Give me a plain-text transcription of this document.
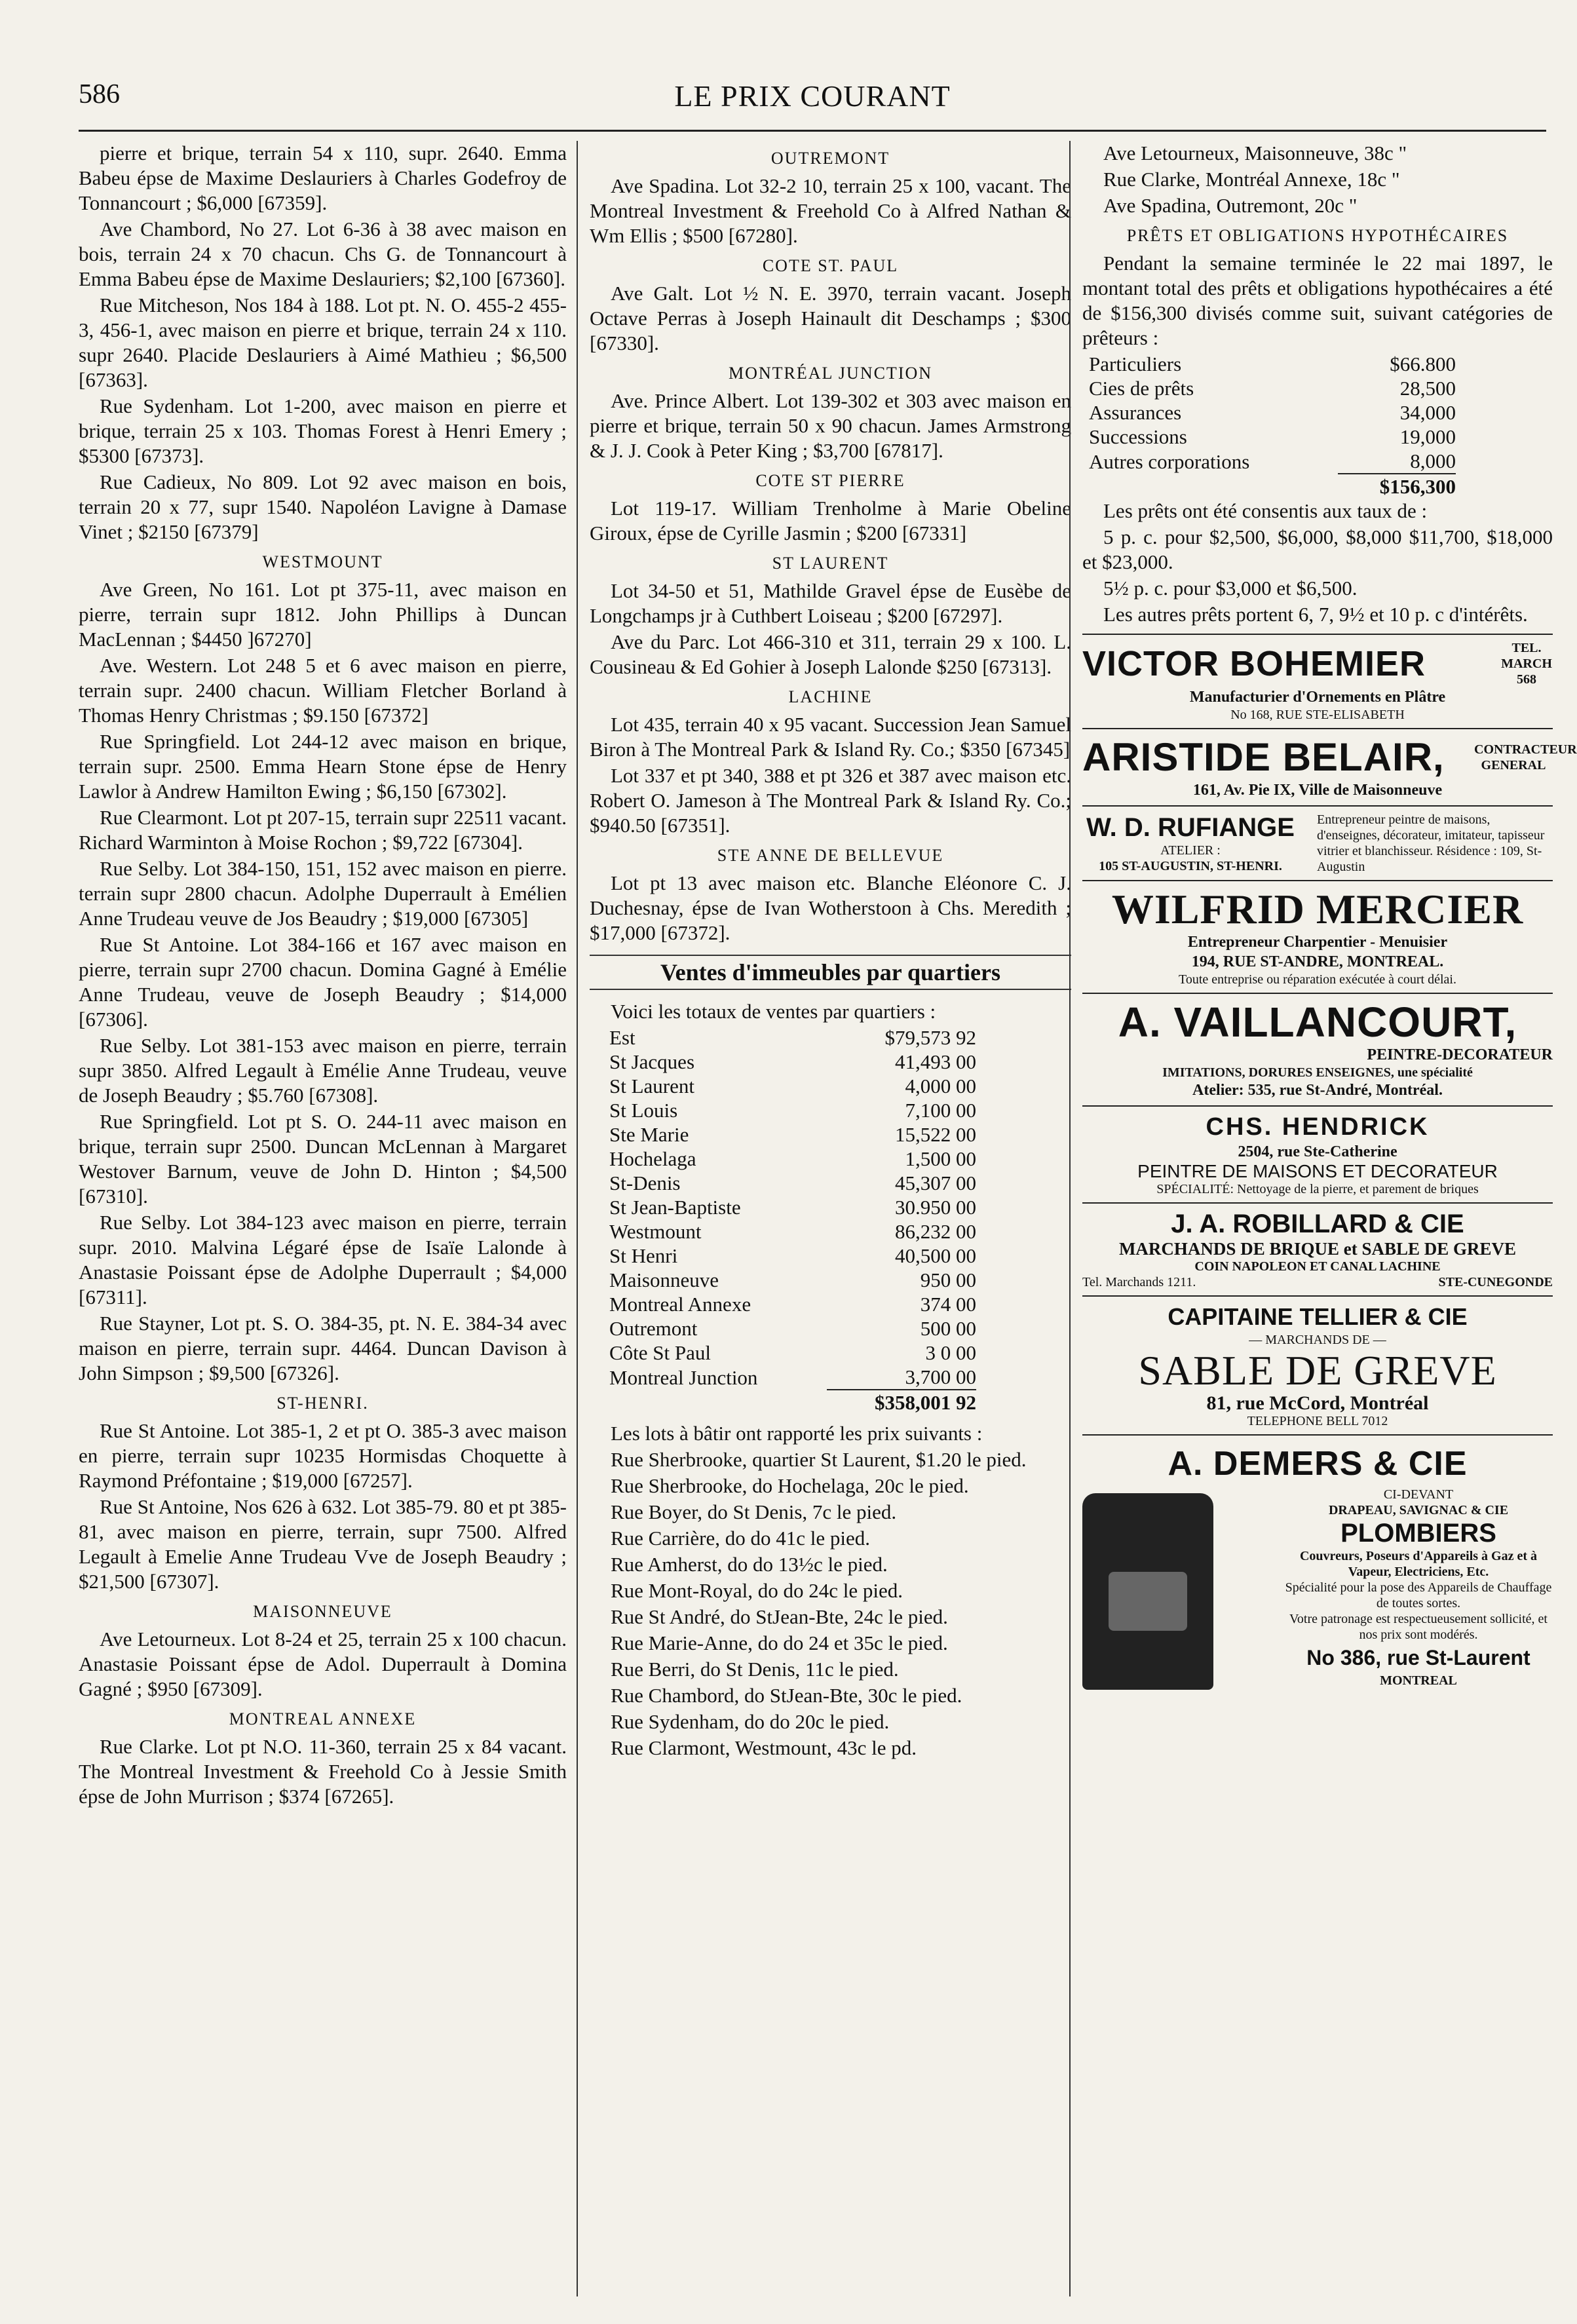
586	LE PRIX COURANT

pierre et brique, terrain 54 x 110, supr. 2640. Emma Babeu épse de Maxime Deslauriers à Charles Godefroy de Tonnancourt ; $6,000 [67359].

Ave Chambord, No 27. Lot 6-36 à 38 avec maison en bois, terrain 24 x 70 chacun. Chs G. de Tonnancourt à Emma Babeu épse de Maxime Deslauriers; $2,100 [67360].

Rue Mitcheson, Nos 184 à 188. Lot pt. N. O. 455-2 455-3, 456-1, avec maison en pierre et brique, terrain 24 x 110. supr 2640. Placide Deslauriers à Aimé Mathieu ; $6,500 [67363].

Rue Sydenham. Lot 1-200, avec maison en pierre et brique, terrain 25 x 103. Thomas Forest à Henri Emery ; $5300 [67373].

Rue Cadieux, No 809. Lot 92 avec maison en bois, terrain 20 x 77, supr 1540. Napoléon Lavigne à Damase Vinet ; $2150 [67379]

WESTMOUNT

Ave Green, No 161. Lot pt 375-11, avec maison en pierre, terrain supr 1812. John Phillips à Duncan MacLennan ; $4450 ]67270]

Ave. Western. Lot 248 5 et 6 avec maison en pierre, terrain supr. 2400 chacun. William Fletcher Borland à Thomas Henry Christmas ; $9.150 [67372]

Rue Springfield. Lot 244-12 avec maison en brique, terrain supr. 2500. Emma Hearn Stone épse de Henry Lawlor à Andrew Hamilton Ewing ; $6,150 [67302].

Rue Clearmont. Lot pt 207-15, terrain supr 22511 vacant. Richard Warminton à Moise Rochon ; $9,722 [67304].

Rue Selby. Lot 384-150, 151, 152 avec maison en pierre. terrain supr 2800 chacun. Adolphe Duperrault à Emélien Anne Trudeau veuve de Jos Beaudry ; $19,000 [67305]

Rue St Antoine. Lot 384-166 et 167 avec maison en pierre, terrain supr 2700 chacun. Domina Gagné à Emélie Anne Trudeau, veuve de Joseph Beaudry ; $14,000 [67306].

Rue Selby. Lot 381-153 avec maison en pierre, terrain supr 3850. Alfred Legault à Emélie Anne Trudeau, veuve de Joseph Beaudry ; $5.760 [67308].

Rue Springfield. Lot pt S. O. 244-11 avec maison en brique, terrain supr 2500. Duncan McLennan à Margaret Westover Barnum, veuve de John D. Hinton ; $4,500 [67310].

Rue Selby. Lot 384-123 avec maison en pierre, terrain supr. 2010. Malvina Légaré épse de Isaïe Lalonde à Anastasie Poissant épse de Adolphe Duperrault ; $4,000 [67311].

Rue Stayner, Lot pt. S. O. 384-35, pt. N. E. 384-34 avec maison en pierre, terrain supr. 4464. Duncan Davison à John Simpson ; $9,500 [67326].

ST-HENRI.

Rue St Antoine. Lot 385-1, 2 et pt O. 385-3 avec maison en pierre, terrain supr 10235 Hormisdas Choquette à Raymond Préfontaine ; $19,000 [67257].

Rue St Antoine, Nos 626 à 632. Lot 385-79. 80 et pt 385-81, avec maison en pierre, terrain, supr 7500. Alfred Legault à Emelie Anne Trudeau Vve de Joseph Beaudry ; $21,500 [67307].

MAISONNEUVE

Ave Letourneux. Lot 8-24 et 25, terrain 25 x 100 chacun. Anastasie Poissant épse de Adol. Duperrault à Domina Gagné ; $950 [67309].

MONTREAL ANNEXE

Rue Clarke. Lot pt N.O. 11-360, terrain 25 x 84 vacant. The Montreal Investment & Freehold Co à Jessie Smith épse de John Murrison ; $374 [67265].

OUTREMONT

Ave Spadina. Lot 32-2 10, terrain 25 x 100, vacant. The Montreal Investment & Freehold Co à Alfred Nathan & Wm Ellis ; $500 [67280].

COTE ST. PAUL

Ave Galt. Lot ½ N. E. 3970, terrain vacant. Joseph Octave Perras à Joseph Hainault dit Deschamps ; $300 [67330].

MONTRÉAL JUNCTION

Ave. Prince Albert. Lot 139-302 et 303 avec maison en pierre et brique, terrain 50 x 90 chacun. James Armstrong & J. J. Cook à Peter King ; $3,700 [67817].

COTE ST PIERRE

Lot 119-17. William Trenholme à Marie Obeline Giroux, épse de Cyrille Jasmin ; $200 [67331]

ST LAURENT

Lot 34-50 et 51, Mathilde Gravel épse de Eusèbe de Longchamps jr à Cuthbert Loiseau ; $200 [67297].

Ave du Parc. Lot 466-310 et 311, terrain 29 x 100. L. Cousineau & Ed Gohier à Joseph Lalonde $250 [67313].

LACHINE

Lot 435, terrain 40 x 95 vacant. Succession Jean Samuel Biron à The Montreal Park & Island Ry. Co.; $350 [67345]

Lot 337 et pt 340, 388 et pt 326 et 387 avec maison etc. Robert O. Jameson à The Montreal Park & Island Ry. Co.; $940.50 [67351].

STE ANNE DE BELLEVUE

Lot pt 13 avec maison etc. Blanche Eléonore C. J. Duchesnay, épse de Ivan Wotherstoon à Chs. Meredith ; $17,000 [67372].

Ventes d'immeubles par quartiers

Voici les totaux de ventes par quartiers :

Est	$79,573 92
St Jacques	41,493 00
St Laurent	4,000 00
St Louis	7,100 00
Ste Marie	15,522 00
Hochelaga	1,500 00
St-Denis	45,307 00
St Jean-Baptiste	30.950 00
Westmount	86,232 00
St Henri	40,500 00
Maisonneuve	950 00
Montreal Annexe	374 00
Outremont	500 00
Côte St Paul	3 0 00
Montreal Junction	3,700 00
	$358,001 92

Les lots à bâtir ont rapporté les prix suivants :

Rue Sherbrooke, quartier St Laurent, $1.20 le pied.

Rue Sherbrooke, do Hochelaga, 20c le pied.

Rue Boyer, do St Denis, 7c le pied.

Rue Carrière, do do 41c le pied.

Rue Amherst, do do 13½c le pied.

Rue Mont-Royal, do do 24c le pied.

Rue St André, do StJean-Bte, 24c le pied.

Rue Marie-Anne, do do 24 et 35c le pied.

Rue Berri, do St Denis, 11c le pied.

Rue Chambord, do StJean-Bte, 30c le pied.

Rue Sydenham, do do 20c le pied.

Rue Clarmont, Westmount, 43c le pd.

Ave Letourneux, Maisonneuve, 38c "

Rue Clarke, Montréal Annexe, 18c "

Ave Spadina, Outremont, 20c "

PRÊTS ET OBLIGATIONS HYPOTHÉCAIRES

Pendant la semaine terminée le 22 mai 1897, le montant total des prêts et obligations hypothécaires a été de $156,300 divisés comme suit, suivant catégories de prêteurs :

Particuliers	$66.800
Cies de prêts	28,500
Assurances	34,000
Successions	19,000
Autres corporations	8,000
	$156,300

Les prêts ont été consentis aux taux de :

5 p. c. pour $2,500, $6,000, $8,000 $11,700, $18,000 et $23,000.

5½ p. c. pour $3,000 et $6,500.

Les autres prêts portent 6, 7, 9½ et 10 p. c d'intérêts.

VICTOR BOHEMIER	TEL. MARCH 568
Manufacturier d'Ornements en Plâtre
No 168, RUE STE-ELISABETH
ARISTIDE BELAIR, CONTRACTEUR GENERAL
161, Av. Pie IX, Ville de Maisonneuve
W. D. RUFIANGE
ATELIER :
105 ST-AUGUSTIN, ST-HENRI.
Entrepreneur peintre de maisons, d'enseignes, décorateur, imitateur, tapisseur vitrier et blanchisseur. Résidence : 109, St-Augustin
WILFRID MERCIER
Entrepreneur Charpentier - Menuisier
194, RUE ST-ANDRE, MONTREAL.
Toute entreprise ou réparation exécutée à court délai.
A. VAILLANCOURT,
PEINTRE-DECORATEUR
IMITATIONS, DORURES ENSEIGNES, une spécialité
Atelier: 535, rue St-André, Montréal.
CHS. HENDRICK
2504, rue Ste-Catherine
PEINTRE DE MAISONS ET DECORATEUR
SPÉCIALITÉ: Nettoyage de la pierre, et parement de briques
J. A. ROBILLARD & CIE
MARCHANDS DE BRIQUE et SABLE DE GREVE
COIN NAPOLEON ET CANAL LACHINE
Tel. Marchands 1211.	STE-CUNEGONDE
CAPITAINE TELLIER & CIE
— MARCHANDS DE —
SABLE DE GREVE
81, rue McCord, Montréal
TELEPHONE BELL 7012
A. DEMERS & CIE
CI-DEVANT
DRAPEAU, SAVIGNAC & CIE
PLOMBIERS
Couvreurs, Poseurs d'Appareils à Gaz et à Vapeur, Electriciens, Etc.
Spécialité pour la pose des Appareils de Chauffage de toutes sortes.
Votre patronage est respectueusement sollicité, et nos prix sont modérés.
No 386, rue St-Laurent
MONTREAL
